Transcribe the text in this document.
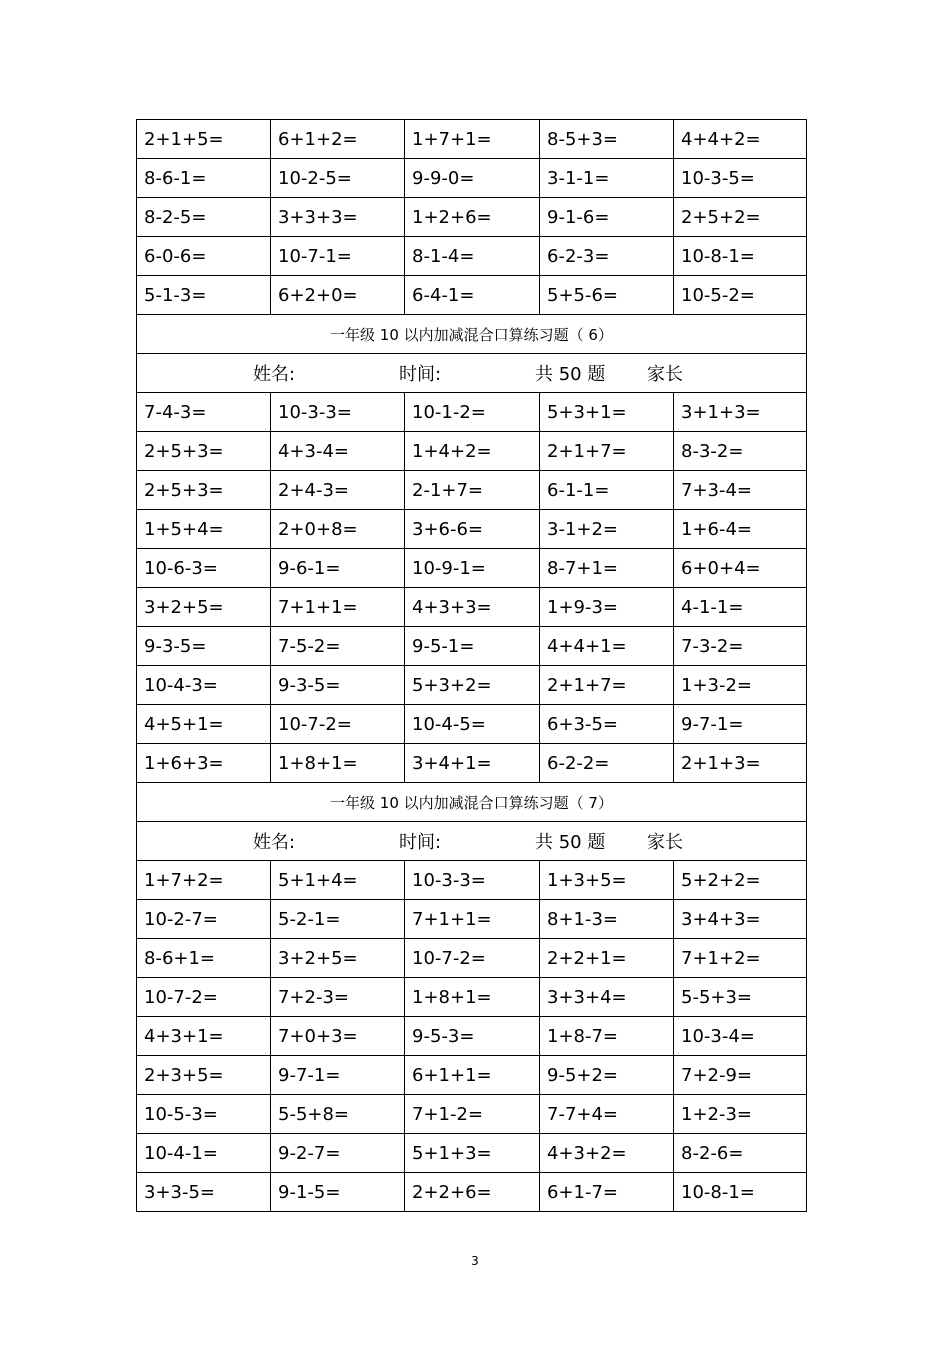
2+1+5=	6+1+2=	1+7+1=	8-5+3=	4+4+2=
8-6-1=	10-2-5=	9-9-0=	3-1-1=	10-3-5=
8-2-5=	3+3+3=	1+2+6=	9-1-6=	2+5+2=
6-0-6=	10-7-1=	8-1-4=	6-2-3=	10-8-1=
5-1-3=	6+2+0=	6-4-1=	5+5-6=	10-5-2=
一年级 10 以内加减混合口算练习题（ 6）				

姓名: 时间: 共 50 题 家长				

7-4-3=	10-3-3=	10-1-2=	5+3+1=	3+1+3=
2+5+3=	4+3-4=	1+4+2=	2+1+7=	8-3-2=
2+5+3=	2+4-3=	2-1+7=	6-1-1=	7+3-4=
1+5+4=	2+0+8=	3+6-6=	3-1+2=	1+6-4=
10-6-3=	9-6-1=	10-9-1=	8-7+1=	6+0+4=
3+2+5=	7+1+1=	4+3+3=	1+9-3=	4-1-1=
9-3-5=	7-5-2=	9-5-1=	4+4+1=	7-3-2=
10-4-3=	9-3-5=	5+3+2=	2+1+7=	1+3-2=
4+5+1=	10-7-2=	10-4-5=	6+3-5=	9-7-1=
1+6+3=	1+8+1=	3+4+1=	6-2-2=	2+1+3=
一年级 10 以内加减混合口算练习题（ 7）				

姓名: 时间: 共 50 题 家长				

1+7+2=	5+1+4=	10-3-3=	1+3+5=	5+2+2=
10-2-7=	5-2-1=	7+1+1=	8+1-3=	3+4+3=
8-6+1=	3+2+5=	10-7-2=	2+2+1=	7+1+2=
10-7-2=	7+2-3=	1+8+1=	3+3+4=	5-5+3=
4+3+1=	7+0+3=	9-5-3=	1+8-7=	10-3-4=
2+3+5=	9-7-1=	6+1+1=	9-5+2=	7+2-9=
10-5-3=	5-5+8=	7+1-2=	7-7+4=	1+2-3=
10-4-1=	9-2-7=	5+1+3=	4+3+2=	8-2-6=
3+3-5=	9-1-5=	2+2+6=	6+1-7=	10-8-1=
3
